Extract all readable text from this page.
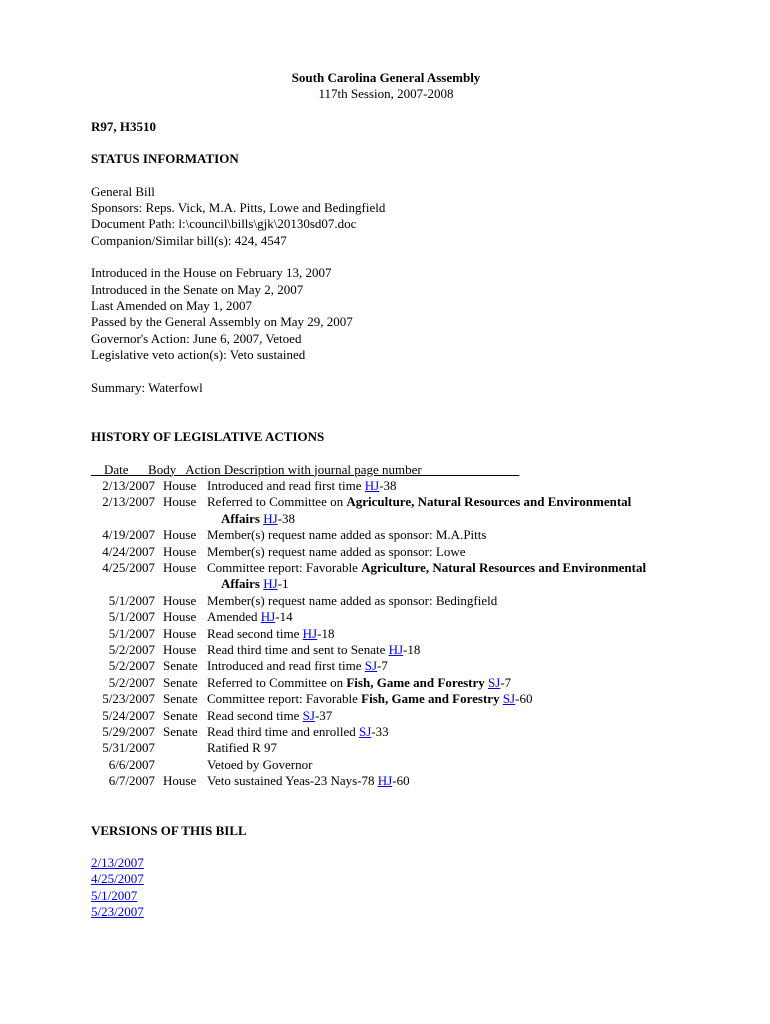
South Carolina General Assembly
117th Session, 2007-2008
R97, H3510
STATUS INFORMATION
General Bill
Sponsors: Reps. Vick, M.A. Pitts, Lowe and Bedingfield
Document Path: l:\council\bills\gjk\20130sd07.doc
Companion/Similar bill(s): 424, 4547
Introduced in the House on February 13, 2007
Introduced in the Senate on May 2, 2007
Last Amended on May 1, 2007
Passed by the General Assembly on May 29, 2007
Governor's Action: June 6, 2007, Vetoed
Legislative veto action(s): Veto sustained
Summary: Waterfowl
HISTORY OF LEGISLATIVE ACTIONS
Date      Body   Action Description with journal page number
2/13/2007	House	Introduced and read first time HJ-38
2/13/2007	House	Referred to Committee on Agriculture, Natural Resources and Environmental
Affairs HJ-38

4/19/2007	House	Member(s) request name added as sponsor: M.A.Pitts
4/24/2007	House	Member(s) request name added as sponsor: Lowe
4/25/2007	House	Committee report: Favorable Agriculture, Natural Resources and Environmental
Affairs HJ-1

5/1/2007	House	Member(s) request name added as sponsor: Bedingfield
5/1/2007	House	Amended HJ-14
5/1/2007	House	Read second time HJ-18
5/2/2007	House	Read third time and sent to Senate HJ-18
5/2/2007	Senate	Introduced and read first time SJ-7
5/2/2007	Senate	Referred to Committee on Fish, Game and Forestry SJ-7
5/23/2007	Senate	Committee report: Favorable Fish, Game and Forestry SJ-60
5/24/2007	Senate	Read second time SJ-37
5/29/2007	Senate	Read third time and enrolled SJ-33
5/31/2007		Ratified R 97
6/6/2007		Vetoed by Governor
6/7/2007	House	Veto sustained Yeas-23 Nays-78 HJ-60
VERSIONS OF THIS BILL
2/13/2007
4/25/2007
5/1/2007
5/23/2007
